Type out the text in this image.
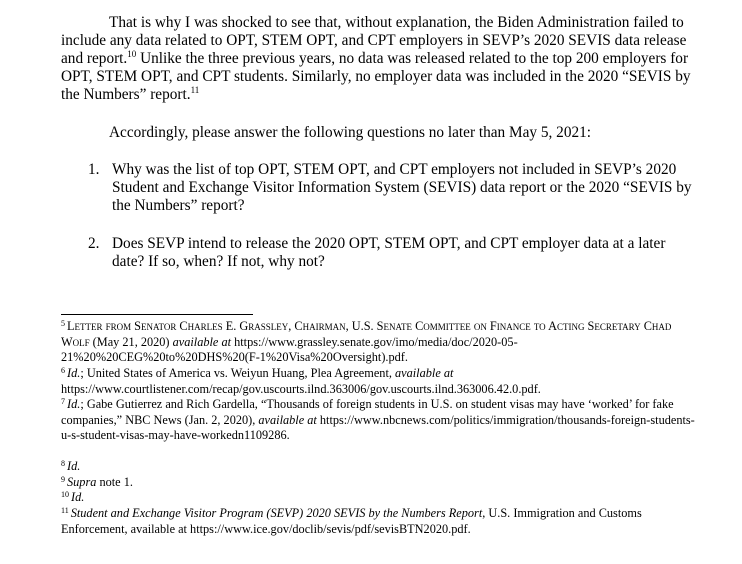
That is why I was shocked to see that, without explanation, the Biden Administration failed to include any data related to OPT, STEM OPT, and CPT employers in SEVP’s 2020 SEVIS data release and report.$^{10}$ Unlike the three previous years, no data was released related to the top 200 employers for OPT, STEM OPT, and CPT students. Similarly, no employer data was included in the 2020 “SEVIS by the Numbers” report.$^{11}$
Accordingly, please answer the following questions no later than May 5, 2021:
1. Why was the list of top OPT, STEM OPT, and CPT employers not included in SEVP’s 2020 Student and Exchange Visitor Information System (SEVIS) data report or the 2020 “SEVIS by the Numbers” report?
2. Does SEVP intend to release the 2020 OPT, STEM OPT, and CPT employer data at a later date? If so, when? If not, why not?
$^5$ Letter from Senator Charles E. Grassley, Chairman, U.S. Senate Committee on Finance to Acting Secretary Chad Wolf (May 21, 2020) available at https://www.grassley.senate.gov/imo/media/doc/2020-05-21%20%20CEG%20to%20DHS%20(F-1%20Visa%20Oversight).pdf.
$^6$ Id.; United States of America vs. Weiyun Huang, Plea Agreement, available at https://www.courtlistener.com/recap/gov.uscourts.ilnd.363006/gov.uscourts.ilnd.363006.42.0.pdf.
$^7$ Id.; Gabe Gutierrez and Rich Gardella, “Thousands of foreign students in U.S. on student visas may have ‘worked’ for fake companies,” NBC News (Jan. 2, 2020), available at https://www.nbcnews.com/politics/immigration/thousands-foreign-students-u-s-student-visas-may-have-workedn1109286.
$^8$ Id.
$^9$ Supra note 1.
$^{10}$ Id.
$^{11}$ Student and Exchange Visitor Program (SEVP) 2020 SEVIS by the Numbers Report, U.S. Immigration and Customs Enforcement, available at https://www.ice.gov/doclib/sevis/pdf/sevisBTN2020.pdf.
